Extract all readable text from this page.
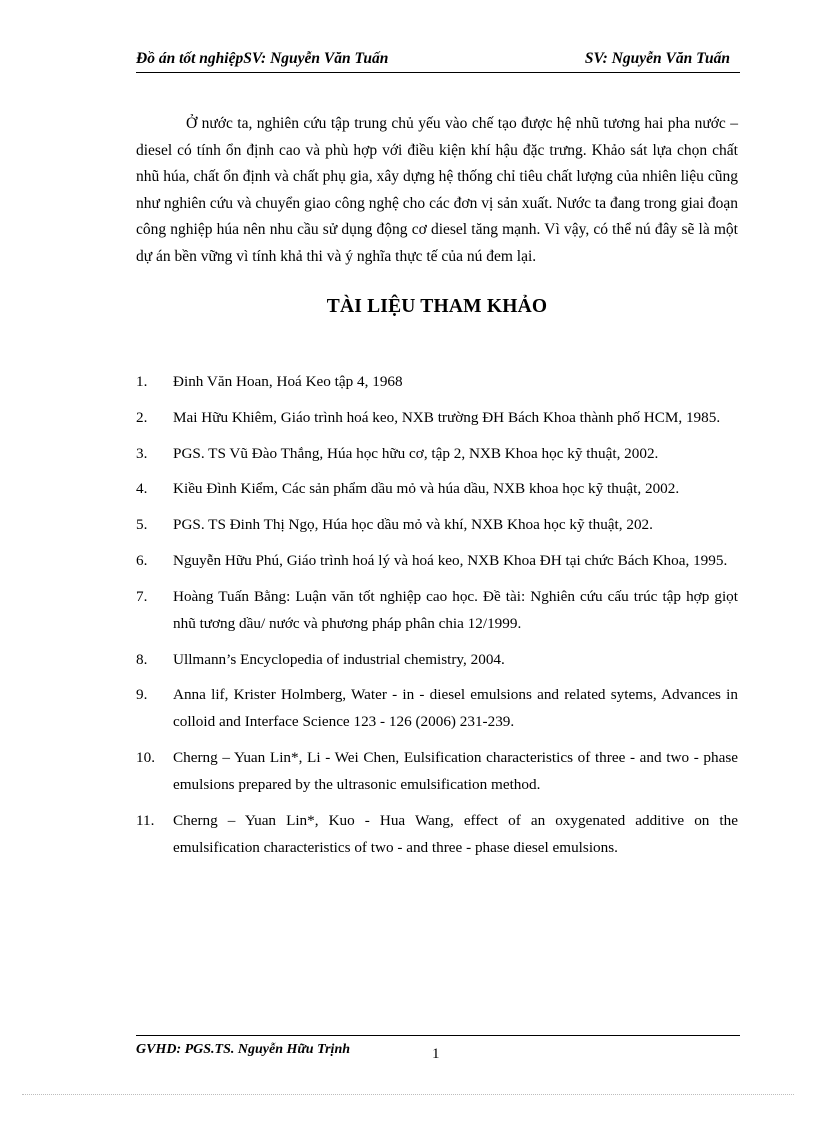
Đồ án tốt nghiệpSV: Nguyễn Văn Tuấn	SV: Nguyễn Văn Tuấn

Ở nước ta, nghiên cứu tập trung chủ yếu vào chế tạo được hệ nhũ tương hai pha nước – diesel có tính ổn định cao và phù hợp với điều kiện khí hậu đặc trưng. Khảo sát lựa chọn chất nhũ húa, chất ổn định và chất phụ gia, xây dựng hệ thống chỉ tiêu chất lượng của nhiên liệu cũng như nghiên cứu và chuyển giao công nghệ cho các đơn vị sản xuất. Nước ta đang trong giai đoạn công nghiệp húa nên nhu cầu sử dụng động cơ diesel tăng mạnh. Vì vậy, có thể nú đây sẽ là một dự án bền vững vì tính khả thi và ý nghĩa thực tế của nú đem lại.

TÀI LIỆU THAM KHẢO
1. Đinh Văn Hoan, Hoá Keo tập 4, 1968
2. Mai Hữu Khiêm, Giáo trình hoá keo, NXB trường ĐH Bách Khoa thành phố HCM, 1985.
3. PGS. TS Vũ Đào Thắng, Húa học hữu cơ, tập 2, NXB Khoa học kỹ thuật, 2002.
4. Kiều Đình Kiểm, Các sản phẩm dầu mỏ và húa dầu, NXB khoa học kỹ thuật, 2002.
5. PGS. TS Đinh Thị Ngọ, Húa học dầu mỏ và khí, NXB Khoa học kỹ thuật, 202.
6. Nguyễn Hữu Phú, Giáo trình hoá lý và hoá keo, NXB Khoa ĐH tại chức Bách Khoa, 1995.
7. Hoàng Tuấn Bằng: Luận văn tốt nghiệp cao học. Đề tài: Nghiên cứu cấu trúc tập hợp giọt nhũ tương dầu/ nước và phương pháp phân chia 12/1999.
8. Ullmann’s Encyclopedia of industrial chemistry, 2004.
9. Anna lif, Krister Holmberg, Water - in - diesel emulsions and related sytems, Advances in colloid and Interface Science 123 - 126 (2006) 231-239.
10. Cherng – Yuan Lin*, Li - Wei Chen, Eulsification characteristics of three - and two - phase emulsions prepared by the ultrasonic emulsification method.
11. Cherng – Yuan Lin*, Kuo - Hua Wang, effect of an oxygenated additive on the emulsification characteristics of two - and three - phase diesel emulsions.
GVHD: PGS.TS. Nguyễn Hữu Trịnh	1
